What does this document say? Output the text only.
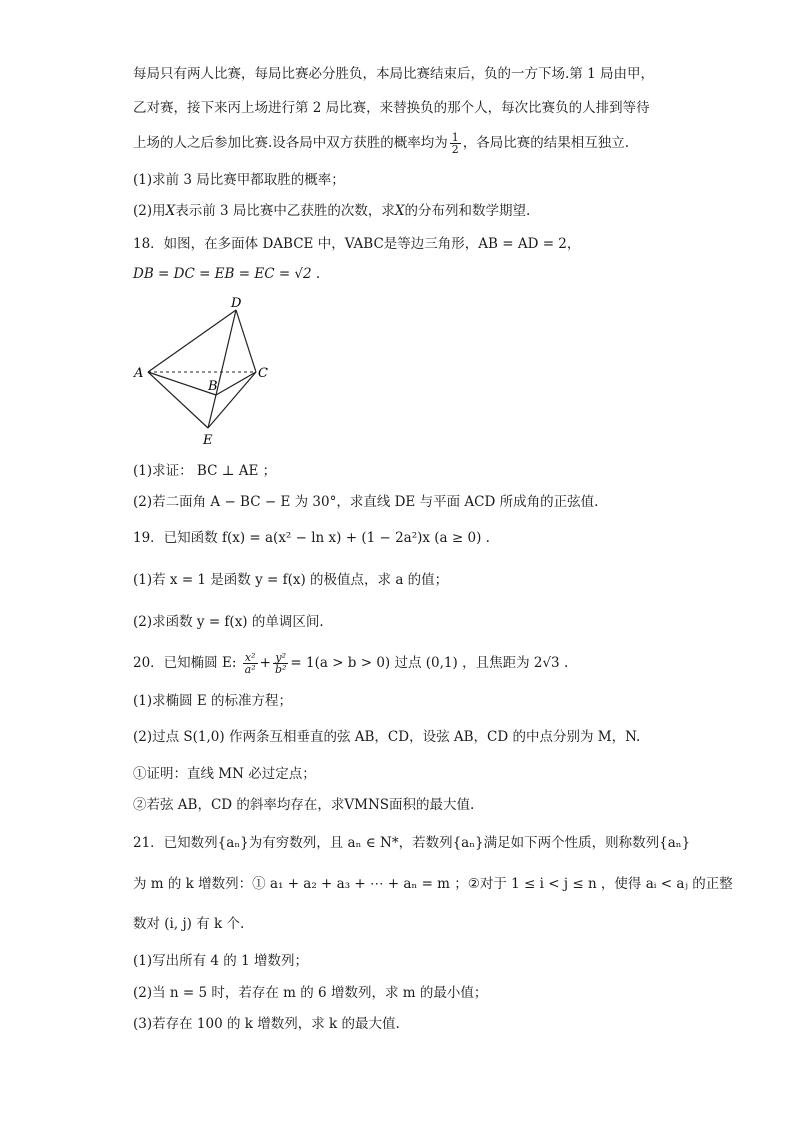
每局只有两人比赛，每局比赛必分胜负，本局比赛结束后，负的一方下场.第 1 局由甲，
乙对赛，接下来丙上场进行第 2 局比赛，来替换负的那个人，每次比赛负的人排到等待
上场的人之后参加比赛.设各局中双方获胜的概率均为 $\frac{1}{2}$ ，各局比赛的结果相互独立.
(1)求前 3 局比赛甲都取胜的概率；
(2)用X表示前 3 局比赛中乙获胜的次数，求X的分布列和数学期望.
18．如图，在多面体 DABCE 中，VABC是等边三角形，AB = AD = 2，
DB = DC = EB = EC = √2 .
D
A	C
B
E
(1)求证： BC ⊥ AE ；
(2)若二面角 A − BC − E 为 30°，求直线 DE 与平面 ACD 所成角的正弦值.
19．已知函数 f(x) = a(x² − ln x) + (1 − 2a²)x (a ≥ 0) .
(1)若 x = 1 是函数 y = f(x) 的极值点，求 a 的值；
(2)求函数 y = f(x) 的单调区间.
20．已知椭圆 E: $\frac{\text{x²}}{\text{a²}} + \frac{\text{y²}}{\text{b²}} = 1(a > b > 0)$ 过点 (0,1) ，且焦距为 2√3 .
(1)求椭圆 E 的标准方程；
(2)过点 S(1,0) 作两条互相垂直的弦 AB，CD，设弦 AB，CD 的中点分别为 M，N.
①证明：直线 MN 必过定点；
②若弦 AB，CD 的斜率均存在，求VMNS面积的最大值.
21．已知数列{aₙ}为有穷数列，且 aₙ ∈ N*，若数列{aₙ}满足如下两个性质，则称数列{aₙ}
为 m 的 k 增数列：① a₁ + a₂ + a₃ + ⋯ + aₙ = m ；②对于 1 ≤ i < j ≤ n ，使得 aᵢ < aⱼ 的正整
数对 (i, j) 有 k 个.
(1)写出所有 4 的 1 增数列；
(2)当 n = 5 时，若存在 m 的 6 增数列，求 m 的最小值；
(3)若存在 100 的 k 增数列，求 k 的最大值.
